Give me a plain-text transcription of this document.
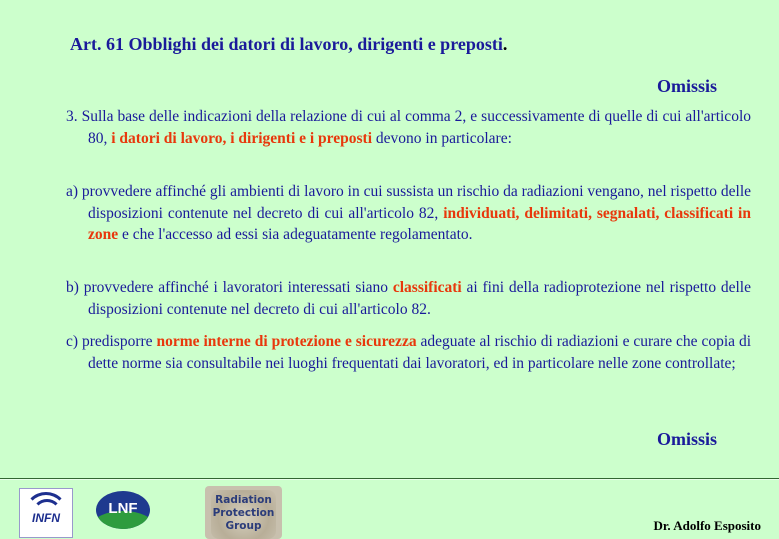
Art. 61 Obblighi dei datori di lavoro, dirigenti e preposti.
Omissis
3. Sulla base delle indicazioni della relazione di cui al comma 2, e successivamente di quelle di cui all'articolo 80, i datori di lavoro, i dirigenti e i preposti devono in particolare:
a) provvedere affinché gli ambienti di lavoro in cui sussista un rischio da radiazioni vengano, nel rispetto delle disposizioni contenute nel decreto di cui all'articolo 82, individuati, delimitati, segnalati, classificati in zone e che l'accesso ad essi sia adeguatamente regolamentato.
b) provvedere affinché i lavoratori interessati siano classificati ai fini della radioprotezione nel rispetto delle disposizioni contenute nel decreto di cui all'articolo 82.
c) predisporre norme interne di protezione e sicurezza adeguate al rischio di radiazioni e curare che copia di dette norme sia consultabile nei luoghi frequentati dai lavoratori, ed in particolare nelle zone controllate;
Omissis
INFN
LNF	Radiation
Protection
Group	Dr. Adolfo Esposito
